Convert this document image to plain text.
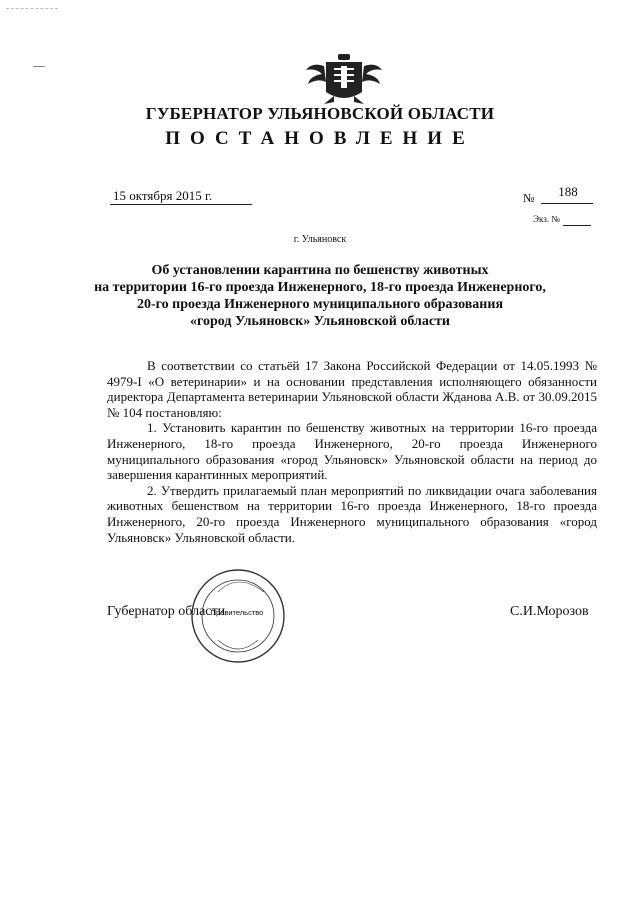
ГУБЕРНАТОР УЛЬЯНОВСКОЙ ОБЛАСТИ
ПОСТАНОВЛЕНИЕ
15 октября 2015 г.	№	188
Экз. №
г. Ульяновск
Об установлении карантина по бешенству животных
на территории 16-го проезда Инженерного, 18-го проезда Инженерного,
20-го проезда Инженерного муниципального образования
«город Ульяновск» Ульяновской области

В соответствии со статьёй 17 Закона Российской Федерации от 14.05.1993 № 4979-I «О ветеринарии» и на основании представления исполняющего обязанности директора Департамента ветеринарии Ульяновской области Жданова А.В. от 30.09.2015 № 104 постановляю:

1. Установить карантин по бешенству животных на территории 16-го проезда Инженерного, 18-го проезда Инженерного, 20-го проезда Инженерного муниципального образования «город Ульяновск» Ульяновской области на период до завершения карантинных мероприятий.

2. Утвердить прилагаемый план мероприятий по ликвидации очага заболевания животных бешенством на территории 16-го проезда Инженерного, 18-го проезда Инженерного, 20-го проезда Инженерного муниципального образования «город Ульяновск» Ульяновской области.

Губернатор области	С.И.Морозов
Правительство
